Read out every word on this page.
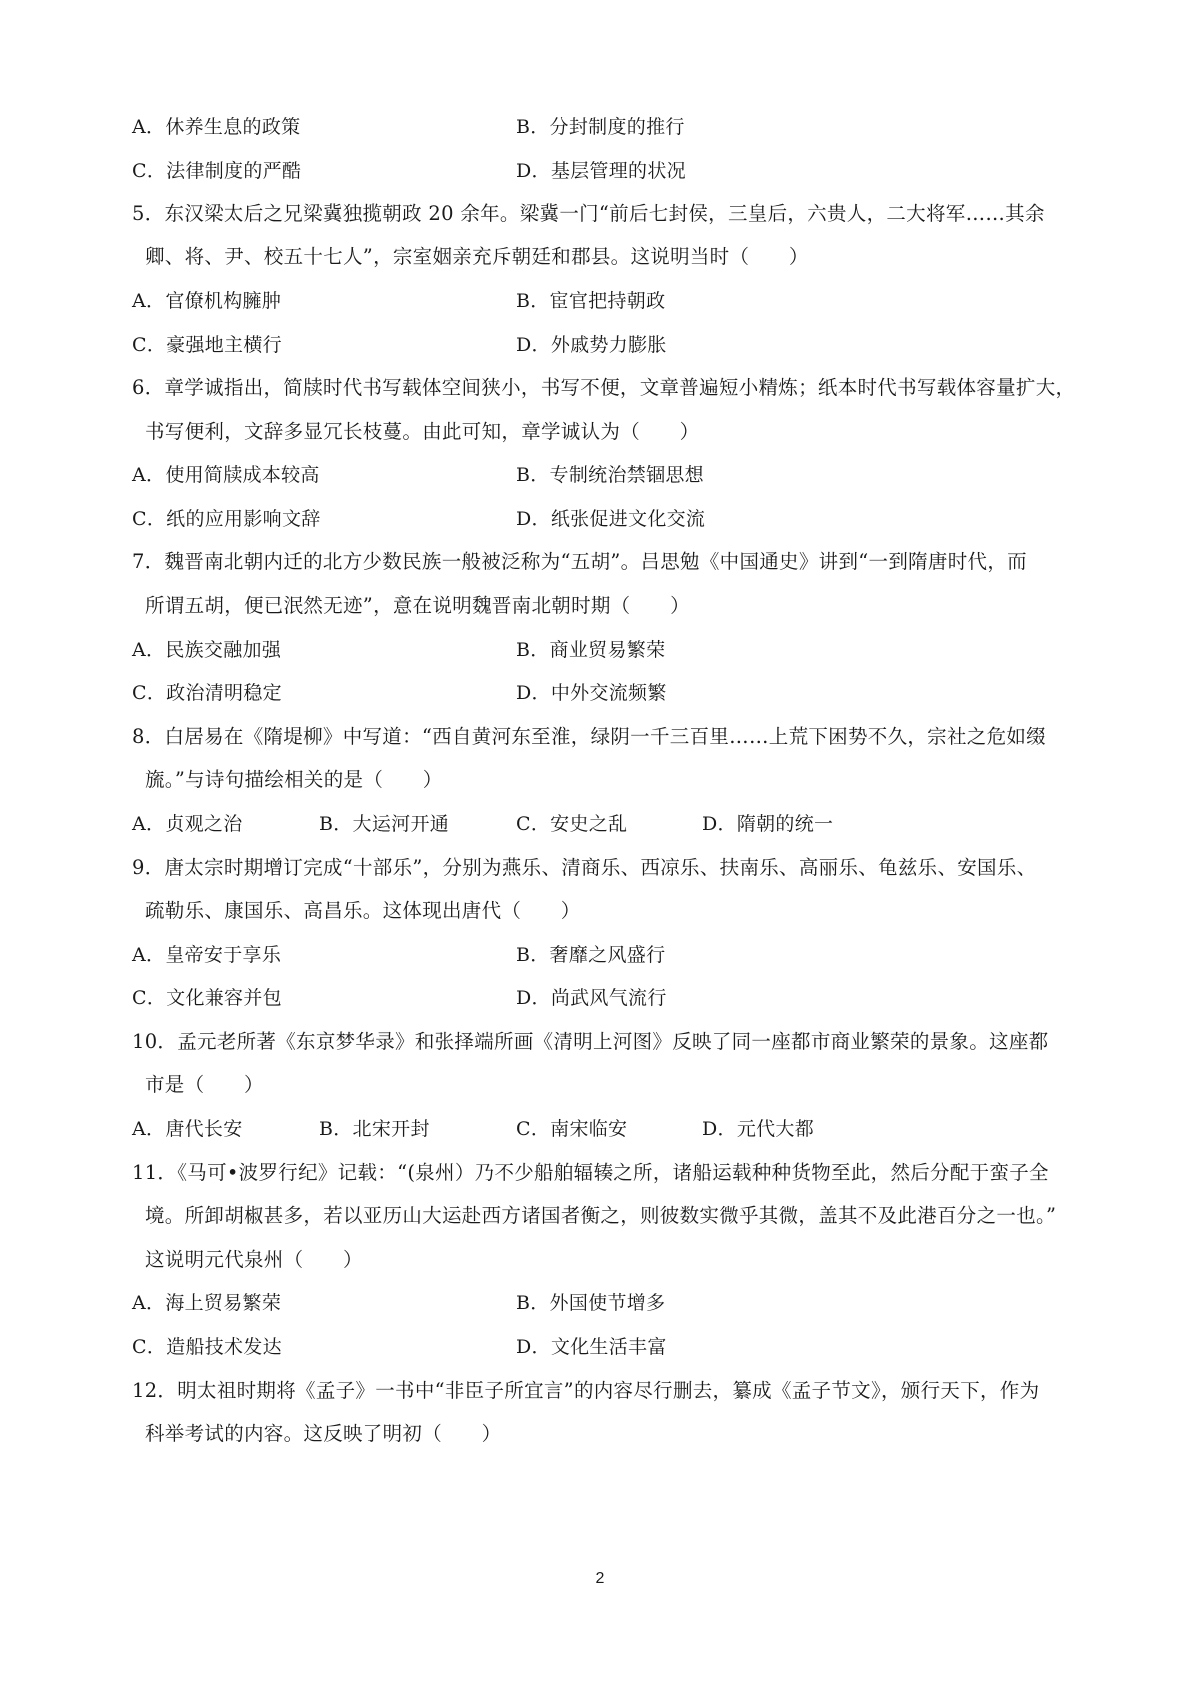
A．休养生息的政策	B．分封制度的推行
C．法律制度的严酷	D．基层管理的状况
5．东汉梁太后之兄梁冀独揽朝政 20 余年。梁冀一门“前后七封侯，三皇后，六贵人，二大将军……其余
卿、将、尹、校五十七人”，宗室姻亲充斥朝廷和郡县。这说明当时（　　）
A．官僚机构臃肿	B．宦官把持朝政
C．豪强地主横行	D．外戚势力膨胀
6．章学诚指出，简牍时代书写载体空间狭小，书写不便，文章普遍短小精炼；纸本时代书写载体容量扩大，
书写便利，文辞多显冗长枝蔓。由此可知，章学诚认为（　　）
A．使用简牍成本较高	B．专制统治禁锢思想
C．纸的应用影响文辞	D．纸张促进文化交流
7．魏晋南北朝内迁的北方少数民族一般被泛称为“五胡”。吕思勉《中国通史》讲到“一到隋唐时代，而
所谓五胡，便已泯然无迹”，意在说明魏晋南北朝时期（　　）
A．民族交融加强	B．商业贸易繁荣
C．政治清明稳定	D．中外交流频繁
8．白居易在《隋堤柳》中写道：“西自黄河东至淮，绿阴一千三百里……上荒下困势不久，宗社之危如缀
旒。”与诗句描绘相关的是（　　）
A．贞观之治	B．大运河开通	C．安史之乱	D．隋朝的统一
9．唐太宗时期增订完成“十部乐”，分别为燕乐、清商乐、西凉乐、扶南乐、高丽乐、龟兹乐、安国乐、
疏勒乐、康国乐、高昌乐。这体现出唐代（　　）
A．皇帝安于享乐	B．奢靡之风盛行
C．文化兼容并包	D．尚武风气流行
10．孟元老所著《东京梦华录》和张择端所画《清明上河图》反映了同一座都市商业繁荣的景象。这座都
市是（　　）
A．唐代长安	B．北宋开封	C．南宋临安	D．元代大都
11．《马可•波罗行纪》记载：“(泉州）乃不少船舶辐辏之所，诸船运载种种货物至此，然后分配于蛮子全
境。所卸胡椒甚多，若以亚历山大运赴西方诸国者衡之，则彼数实微乎其微，盖其不及此港百分之一也。”
这说明元代泉州（　　）
A．海上贸易繁荣	B．外国使节增多
C．造船技术发达	D．文化生活丰富
12．明太祖时期将《孟子》一书中“非臣子所宜言”的内容尽行删去，纂成《孟子节文》，颁行天下，作为
科举考试的内容。这反映了明初（　　）
2
